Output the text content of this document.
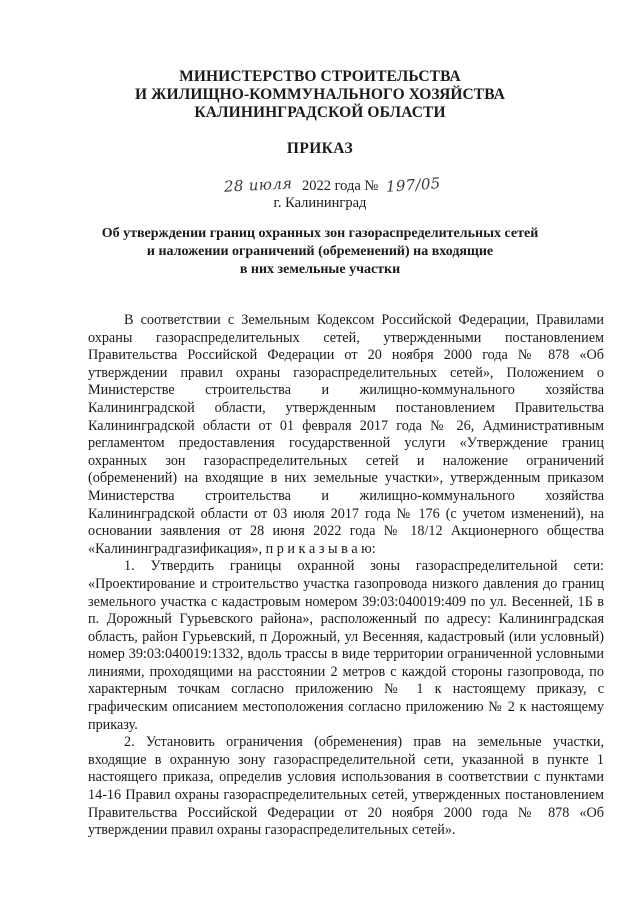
МИНИСТЕРСТВО СТРОИТЕЛЬСТВА
И ЖИЛИЩНО-КОММУНАЛЬНОГО ХОЗЯЙСТВА
КАЛИНИНГРАДСКОЙ ОБЛАСТИ
ПРИКАЗ
28 июля 2022 года № 197/05
г. Калининград
Об утверждении границ охранных зон газораспределительных сетей
и наложении ограничений (обременений) на входящие
в них земельные участки

В соответствии с Земельным Кодексом Российской Федерации, Правилами охраны газораспределительных сетей, утвержденными постановлением Правительства Российской Федерации от 20 ноября 2000 года № 878 «Об утверждении правил охраны газораспределительных сетей», Положением о Министерстве строительства и жилищно-коммунального хозяйства Калининградской области, утвержденным постановлением Правительства Калининградской области от 01 февраля 2017 года № 26, Административным регламентом предоставления государственной услуги «Утверждение границ охранных зон газораспределительных сетей и наложение ограничений (обременений) на входящие в них земельные участки», утвержденным приказом Министерства строительства и жилищно-коммунального хозяйства Калининградской области от 03 июля 2017 года № 176 (с учетом изменений), на основании заявления от 28 июня 2022 года № 18/12 Акционерного общества «Калининградгазификация», п р и к а з ы в а ю:

1. Утвердить границы охранной зоны газораспределительной сети: «Проектирование и строительство участка газопровода низкого давления до границ земельного участка с кадастровым номером 39:03:040019:409 по ул. Весенней, 1Б в п. Дорожный Гурьевского района», расположенный по адресу: Калининградская область, район Гурьевский, п Дорожный, ул Весенняя, кадастровый (или условный) номер 39:03:040019:1332, вдоль трассы в виде территории ограниченной условными линиями, проходящими на расстоянии 2 метров с каждой стороны газопровода, по характерным точкам согласно приложению № 1 к настоящему приказу, с графическим описанием местоположения согласно приложению № 2 к настоящему приказу.

2. Установить ограничения (обременения) прав на земельные участки, входящие в охранную зону газораспределительной сети, указанной в пункте 1 настоящего приказа, определив условия использования в соответствии с пунктами 14-16 Правил охраны газораспределительных сетей, утвержденных постановлением Правительства Российской Федерации от 20 ноября 2000 года № 878 «Об утверждении правил охраны газораспределительных сетей».
